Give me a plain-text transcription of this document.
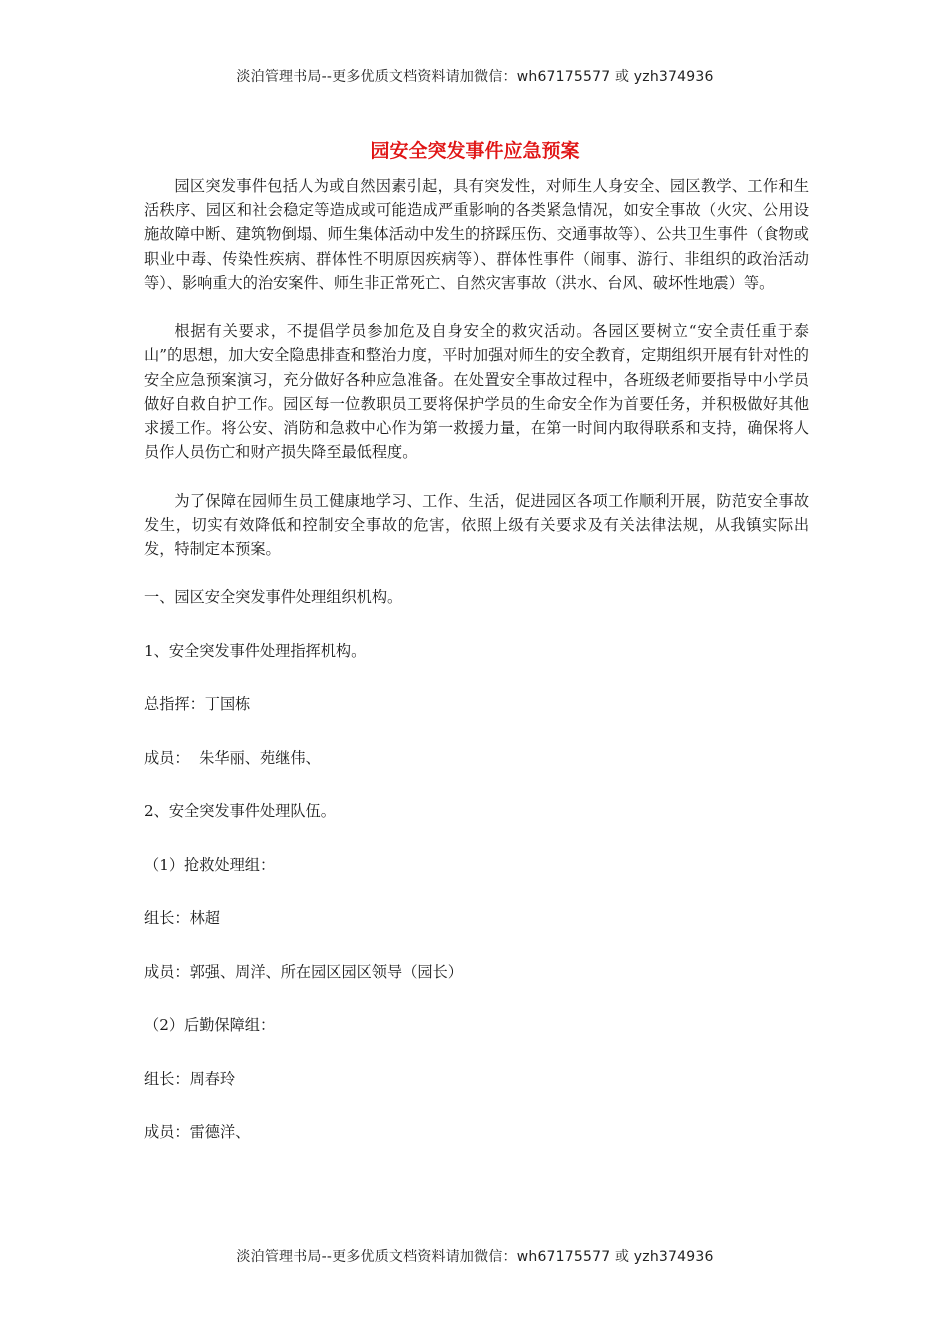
淡泊管理书局--更多优质文档资料请加微信：wh67175577 或 yzh374936
园安全突发事件应急预案

园区突发事件包括人为或自然因素引起，具有突发性，对师生人身安全、园区教学、工作和生活秩序、园区和社会稳定等造成或可能造成严重影响的各类紧急情况，如安全事故（火灾、公用设施故障中断、建筑物倒塌、师生集体活动中发生的挤踩压伤、交通事故等）、公共卫生事件（食物或职业中毒、传染性疾病、群体性不明原因疾病等）、群体性事件（闹事、游行、非组织的政治活动等）、影响重大的治安案件、师生非正常死亡、自然灾害事故（洪水、台风、破坏性地震）等。

根据有关要求，不提倡学员参加危及自身安全的救灾活动。各园区要树立“安全责任重于泰山”的思想，加大安全隐患排查和整治力度，平时加强对师生的安全教育，定期组织开展有针对性的安全应急预案演习，充分做好各种应急准备。在处置安全事故过程中，各班级老师要指导中小学员做好自救自护工作。园区每一位教职员工要将保护学员的生命安全作为首要任务，并积极做好其他求援工作。将公安、消防和急救中心作为第一救援力量，在第一时间内取得联系和支持，确保将人员作人员伤亡和财产损失降至最低程度。

为了保障在园师生员工健康地学习、工作、生活，促进园区各项工作顺利开展，防范安全事故发生，切实有效降低和控制安全事故的危害，依照上级有关要求及有关法律法规，从我镇实际出发，特制定本预案。

一、园区安全突发事件处理组织机构。
1、安全突发事件处理指挥机构。
总指挥：丁国栋
成员：  朱华丽、苑继伟、
2、安全突发事件处理队伍。
（1）抢救处理组：
组长：林超
成员：郭强、周洋、所在园区园区领导（园长）
（2）后勤保障组：
组长：周春玲
成员：雷德洋、
淡泊管理书局--更多优质文档资料请加微信：wh67175577 或 yzh374936
